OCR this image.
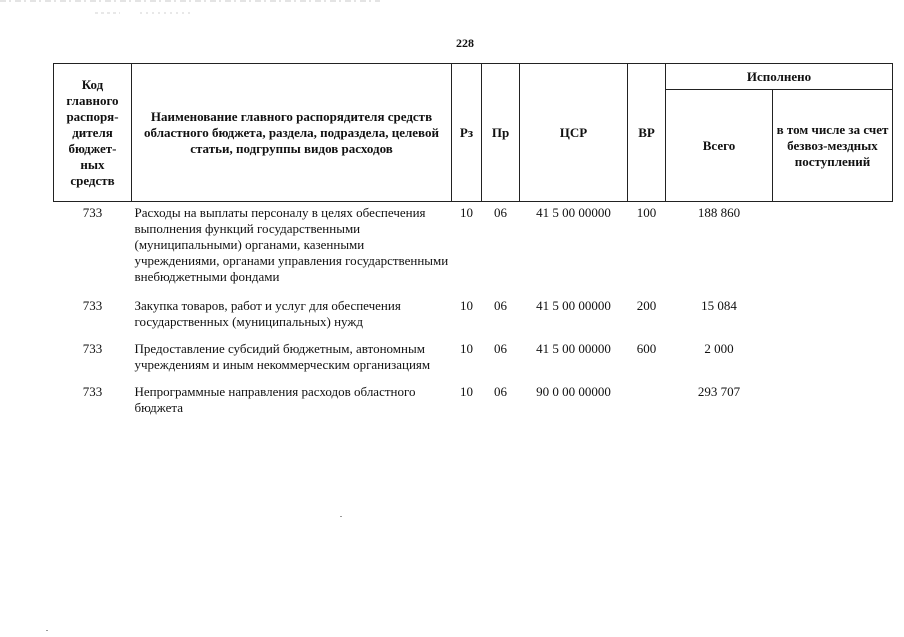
228
Код главного распоря-дителя бюджет-ных средств	Наименование главного распорядителя средств областного бюджета, раздела, подраздела, целевой статьи, подгруппы видов расходов	Рз	Пр	ЦСР	ВР	Исполнено	
						Всего	в том числе за счет безвоз-мездных поступлений
733	Расходы на выплаты персоналу в целях обеспечения выполнения функций государственными (муниципальными) органами, казенными учреждениями, органами управления государственными внебюджетными фондами	10	06	41 5 00 00000	100	188 860	
733	Закупка товаров, работ и услуг для обеспечения государственных (муниципальных) нужд	10	06	41 5 00 00000	200	15 084	
733	Предоставление субсидий бюджетным, автономным учреждениям и иным некоммерческим организациям	10	06	41 5 00 00000	600	2 000	
733	Непрограммные направления расходов областного бюджета	10	06	90 0 00 00000		293 707	
